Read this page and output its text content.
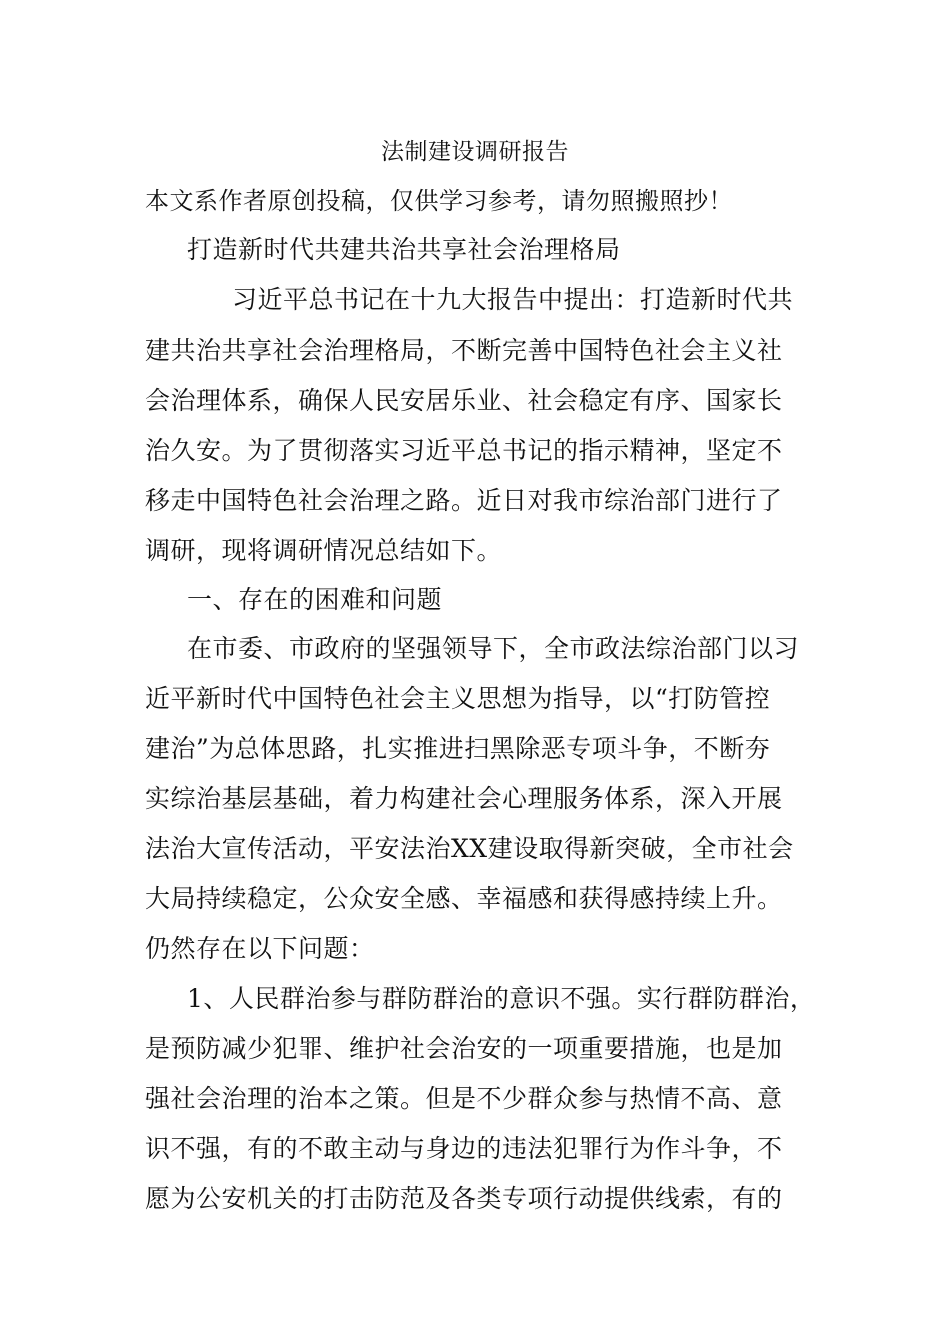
法制建设调研报告
本文系作者原创投稿，仅供学习参考，请勿照搬照抄！
打造新时代共建共治共享社会治理格局
习近平总书记在十九大报告中提出：打造新时代共
建共治共享社会治理格局，不断完善中国特色社会主义社
会治理体系，确保人民安居乐业、社会稳定有序、国家长
治久安。为了贯彻落实习近平总书记的指示精神，坚定不
移走中国特色社会治理之路。近日对我市综治部门进行了
调研，现将调研情况总结如下。
一、存在的困难和问题
在市委、市政府的坚强领导下，全市政法综治部门以习
近平新时代中国特色社会主义思想为指导，以“打防管控
建治”为总体思路，扎实推进扫黑除恶专项斗争，不断夯
实综治基层基础，着力构建社会心理服务体系，深入开展
法治大宣传活动，平安法治XX建设取得新突破，全市社会
大局持续稳定，公众安全感、幸福感和获得感持续上升。
仍然存在以下问题：
1、人民群治参与群防群治的意识不强。实行群防群治，
是预防减少犯罪、维护社会治安的一项重要措施，也是加
强社会治理的治本之策。但是不少群众参与热情不高、意
识不强，有的不敢主动与身边的违法犯罪行为作斗争，不
愿为公安机关的打击防范及各类专项行动提供线索，有的
